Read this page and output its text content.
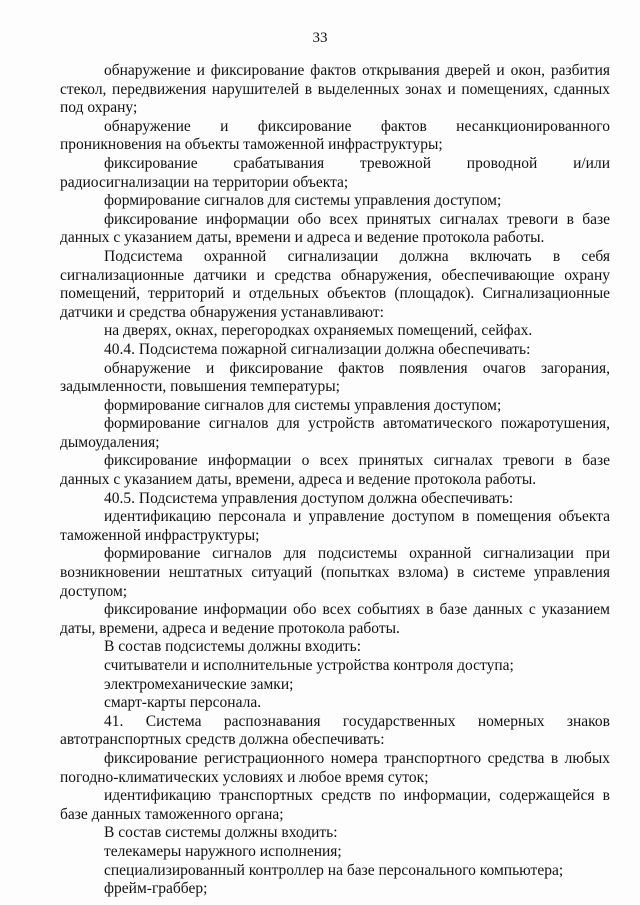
33

обнаружение и фиксирование фактов открывания дверей и окон, разбития стекол, передвижения нарушителей в выделенных зонах и помещениях, сданных под охрану;

обнаружение и фиксирование фактов несанкционированного проникновения на объекты таможенной инфраструктуры;

фиксирование срабатывания тревожной проводной и/или радиосигнализации на территории объекта;

формирование сигналов для системы управления доступом;

фиксирование информации обо всех принятых сигналах тревоги в базе данных с указанием даты, времени и адреса и ведение протокола работы.

Подсистема охранной сигнализации должна включать в себя сигнализационные датчики и средства обнаружения, обеспечивающие охрану помещений, территорий и отдельных объектов (площадок). Сигнализационные датчики и средства обнаружения устанавливают:

на дверях, окнах, перегородках охраняемых помещений, сейфах.

40.4. Подсистема пожарной сигнализации должна обеспечивать:

обнаружение и фиксирование фактов появления очагов загорания, задымленности, повышения температуры;

формирование сигналов для системы управления доступом;

формирование сигналов для устройств автоматического пожаротушения, дымоудаления;

фиксирование информации о всех принятых сигналах тревоги в базе данных с указанием даты, времени, адреса и ведение протокола работы.

40.5. Подсистема управления доступом должна обеспечивать:

идентификацию персонала и управление доступом в помещения объекта таможенной инфраструктуры;

формирование сигналов для подсистемы охранной сигнализации при возникновении нештатных ситуаций (попытках взлома) в системе управления доступом;

фиксирование информации обо всех событиях в базе данных с указанием даты, времени, адреса и ведение протокола работы.

В состав подсистемы должны входить:

считыватели и исполнительные устройства контроля доступа;

электромеханические замки;

смарт-карты персонала.

41. Система распознавания государственных номерных знаков автотранспортных средств должна обеспечивать:

фиксирование регистрационного номера транспортного средства в любых погодно-климатических условиях и любое время суток;

идентификацию транспортных средств по информации, содержащейся в базе данных таможенного органа;

В состав системы должны входить:

телекамеры наружного исполнения;

специализированный контроллер на базе персонального компьютера;

фрейм-граббер;
